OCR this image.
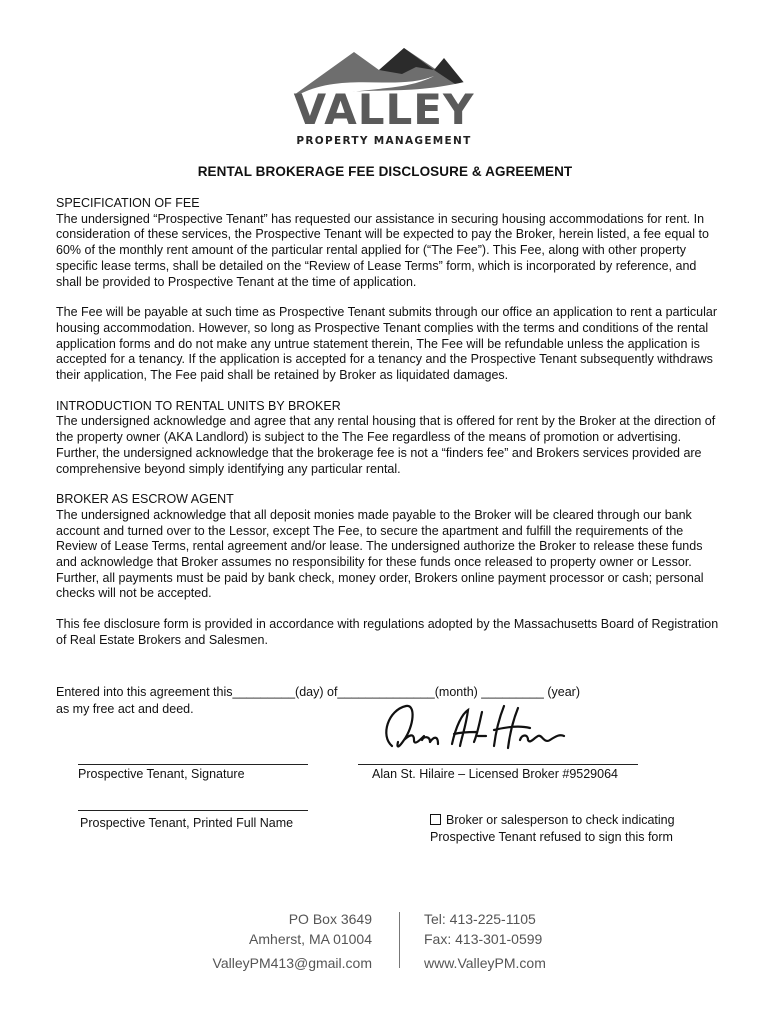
VALLEY
PROPERTY MANAGEMENT
RENTAL BROKERAGE FEE DISCLOSURE & AGREEMENT

SPECIFICATION OF FEE
The undersigned “Prospective Tenant” has requested our assistance in securing housing accommodations for rent. In consideration of these services, the Prospective Tenant will be expected to pay the Broker, herein listed, a fee equal to 60% of the monthly rent amount of the particular rental applied for (“The Fee”). This Fee, along with other property specific lease terms, shall be detailed on the “Review of Lease Terms” form, which is incorporated by reference, and shall be provided to Prospective Tenant at the time of application.

The Fee will be payable at such time as Prospective Tenant submits through our office an application to rent a particular housing accommodation. However, so long as Prospective Tenant complies with the terms and conditions of the rental application forms and do not make any untrue statement therein, The Fee will be refundable unless the application is accepted for a tenancy. If the application is accepted for a tenancy and the Prospective Tenant subsequently withdraws their application, The Fee paid shall be retained by Broker as liquidated damages.

INTRODUCTION TO RENTAL UNITS BY BROKER
The undersigned acknowledge and agree that any rental housing that is offered for rent by the Broker at the direction of the property owner (AKA Landlord) is subject to the The Fee regardless of the means of promotion or advertising. Further, the undersigned acknowledge that the brokerage fee is not a “finders fee” and Brokers services provided are comprehensive beyond simply identifying any particular rental.

BROKER AS ESCROW AGENT
The undersigned acknowledge that all deposit monies made payable to the Broker will be cleared through our bank account and turned over to the Lessor, except The Fee, to secure the apartment and fulfill the requirements of the Review of Lease Terms, rental agreement and/or lease. The undersigned authorize the Broker to release these funds and acknowledge that Broker assumes no responsibility for these funds once released to property owner or Lessor. Further, all payments must be paid by bank check, money order, Brokers online payment processor or cash; personal checks will not be accepted.

This fee disclosure form is provided in accordance with regulations adopted by the Massachusetts Board of Registration of Real Estate Brokers and Salesmen.

Entered into this agreement this_________(day) of______________(month) _________ (year)
as my free act and deed.
Prospective Tenant, Signature	Alan St. Hilaire – Licensed Broker #9529064
Prospective Tenant, Printed Full Name	Broker or salesperson to check indicating
Prospective Tenant refused to sign this form
PO Box 3649
Amherst, MA 01004
ValleyPM413@gmail.com
Tel: 413-225-1105
Fax: 413-301-0599
www.ValleyPM.com
